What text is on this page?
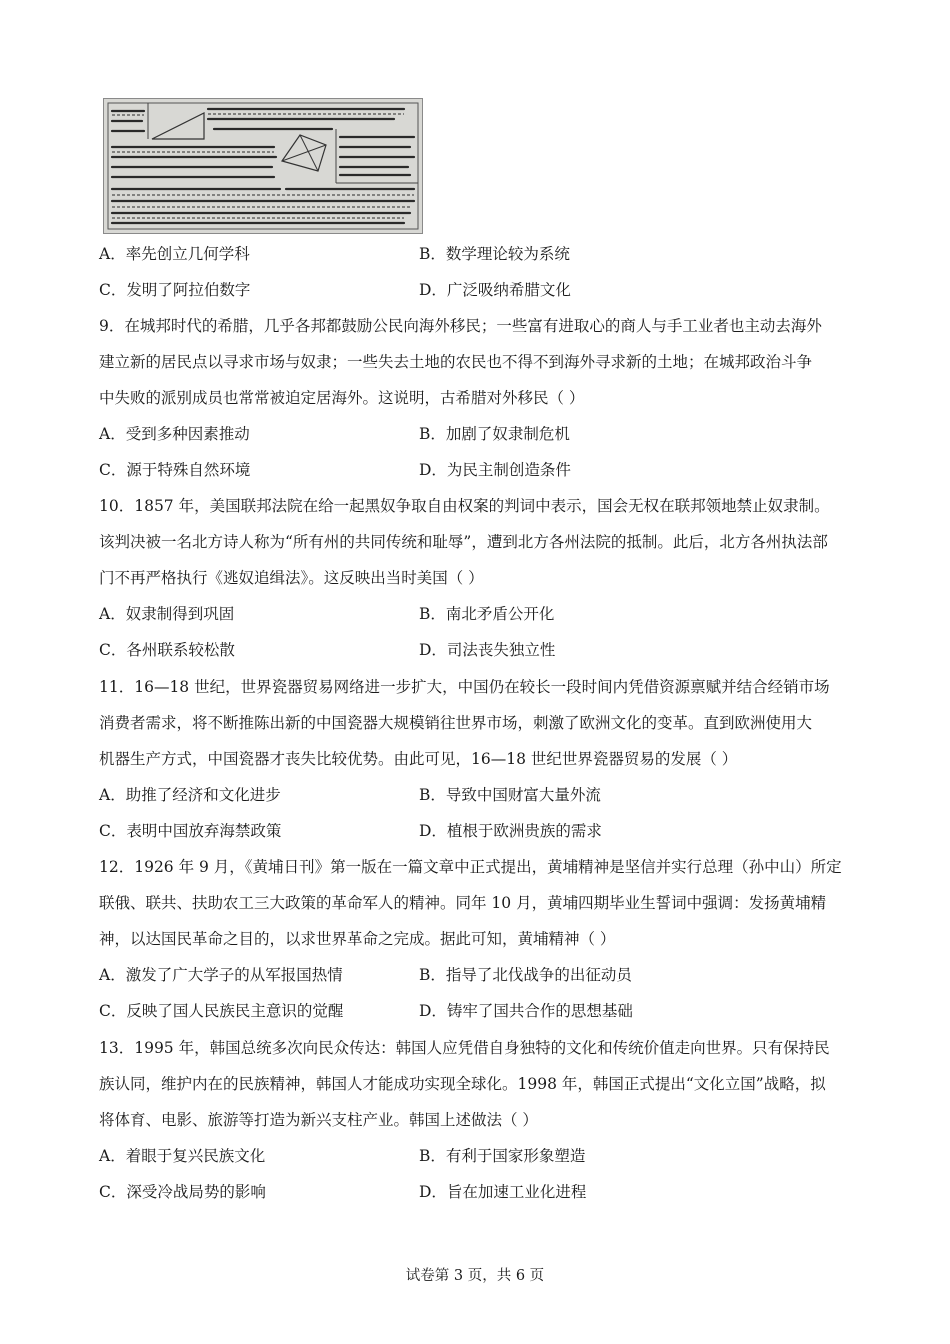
A．率先创立几何学科	B．数学理论较为系统
C．发明了阿拉伯数字	D．广泛吸纳希腊文化
9．在城邦时代的希腊，几乎各邦都鼓励公民向海外移民；一些富有进取心的商人与手工业者也主动去海外
建立新的居民点以寻求市场与奴隶；一些失去土地的农民也不得不到海外寻求新的土地；在城邦政治斗争
中失败的派别成员也常常被迫定居海外。这说明，古希腊对外移民（ ）
A．受到多种因素推动	B．加剧了奴隶制危机
C．源于特殊自然环境	D．为民主制创造条件
10．1857 年，美国联邦法院在给一起黑奴争取自由权案的判词中表示，国会无权在联邦领地禁止奴隶制。
该判决被一名北方诗人称为“所有州的共同传统和耻辱”，遭到北方各州法院的抵制。此后，北方各州执法部
门不再严格执行《逃奴追缉法》。这反映出当时美国（ ）
A．奴隶制得到巩固	B．南北矛盾公开化
C．各州联系较松散	D．司法丧失独立性
11．16—18 世纪，世界瓷器贸易网络进一步扩大，中国仍在较长一段时间内凭借资源禀赋并结合经销市场
消费者需求，将不断推陈出新的中国瓷器大规模销往世界市场，刺激了欧洲文化的变革。直到欧洲使用大
机器生产方式，中国瓷器才丧失比较优势。由此可见，16—18 世纪世界瓷器贸易的发展（ ）
A．助推了经济和文化进步	B．导致中国财富大量外流
C．表明中国放弃海禁政策	D．植根于欧洲贵族的需求
12．1926 年 9 月，《黄埔日刊》第一版在一篇文章中正式提出，黄埔精神是坚信并实行总理（孙中山）所定
联俄、联共、扶助农工三大政策的革命军人的精神。同年 10 月，黄埔四期毕业生誓词中强调：发扬黄埔精
神，以达国民革命之目的，以求世界革命之完成。据此可知，黄埔精神（ ）
A．激发了广大学子的从军报国热情	B．指导了北伐战争的出征动员
C．反映了国人民族民主意识的觉醒	D．铸牢了国共合作的思想基础
13．1995 年，韩国总统多次向民众传达：韩国人应凭借自身独特的文化和传统价值走向世界。只有保持民
族认同，维护内在的民族精神，韩国人才能成功实现全球化。1998 年，韩国正式提出“文化立国”战略，拟
将体育、电影、旅游等打造为新兴支柱产业。韩国上述做法（ ）
A．着眼于复兴民族文化	B．有利于国家形象塑造
C．深受冷战局势的影响	D．旨在加速工业化进程
试卷第 3 页，共 6 页
